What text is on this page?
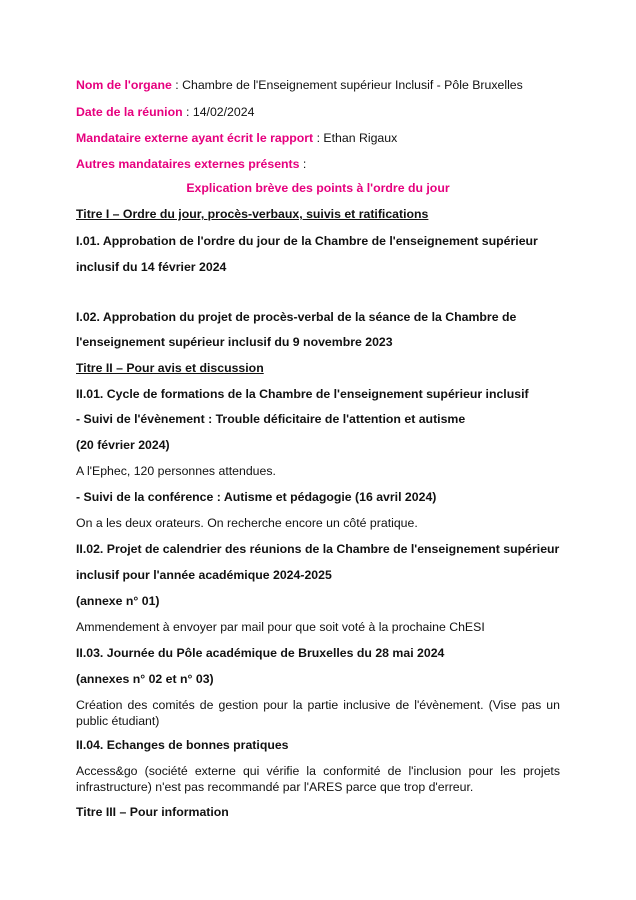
Nom de l'organe : Chambre de l'Enseignement supérieur Inclusif - Pôle Bruxelles
Date de la réunion : 14/02/2024
Mandataire externe ayant écrit le rapport : Ethan Rigaux
Autres mandataires externes présents :
Explication brève des points à l'ordre du jour
Titre I – Ordre du jour, procès-verbaux, suivis et ratifications
I.01. Approbation de l'ordre du jour de la Chambre de l'enseignement supérieur
inclusif du 14 février 2024
I.02. Approbation du projet de procès-verbal de la séance de la Chambre de
l'enseignement supérieur inclusif du 9 novembre 2023
Titre II – Pour avis et discussion
II.01. Cycle de formations de la Chambre de l'enseignement supérieur inclusif
- Suivi de l'évènement : Trouble déficitaire de l'attention et autisme
(20 février 2024)
A l'Ephec, 120 personnes attendues.
- Suivi de la conférence : Autisme et pédagogie (16 avril 2024)
On a les deux orateurs. On recherche encore un côté pratique.
II.02. Projet de calendrier des réunions de la Chambre de l'enseignement supérieur
inclusif pour l'année académique 2024-2025
(annexe n° 01)
Ammendement à envoyer par mail pour que soit voté à la prochaine ChESI
II.03. Journée du Pôle académique de Bruxelles du 28 mai 2024
(annexes n° 02 et n° 03)
Création des comités de gestion pour la partie inclusive de l'évènement. (Vise pas un public étudiant)
II.04. Echanges de bonnes pratiques
Access&go (société externe qui vérifie la conformité de l'inclusion pour les projets infrastructure) n'est pas recommandé par l'ARES parce que trop d'erreur.
Titre III – Pour information
